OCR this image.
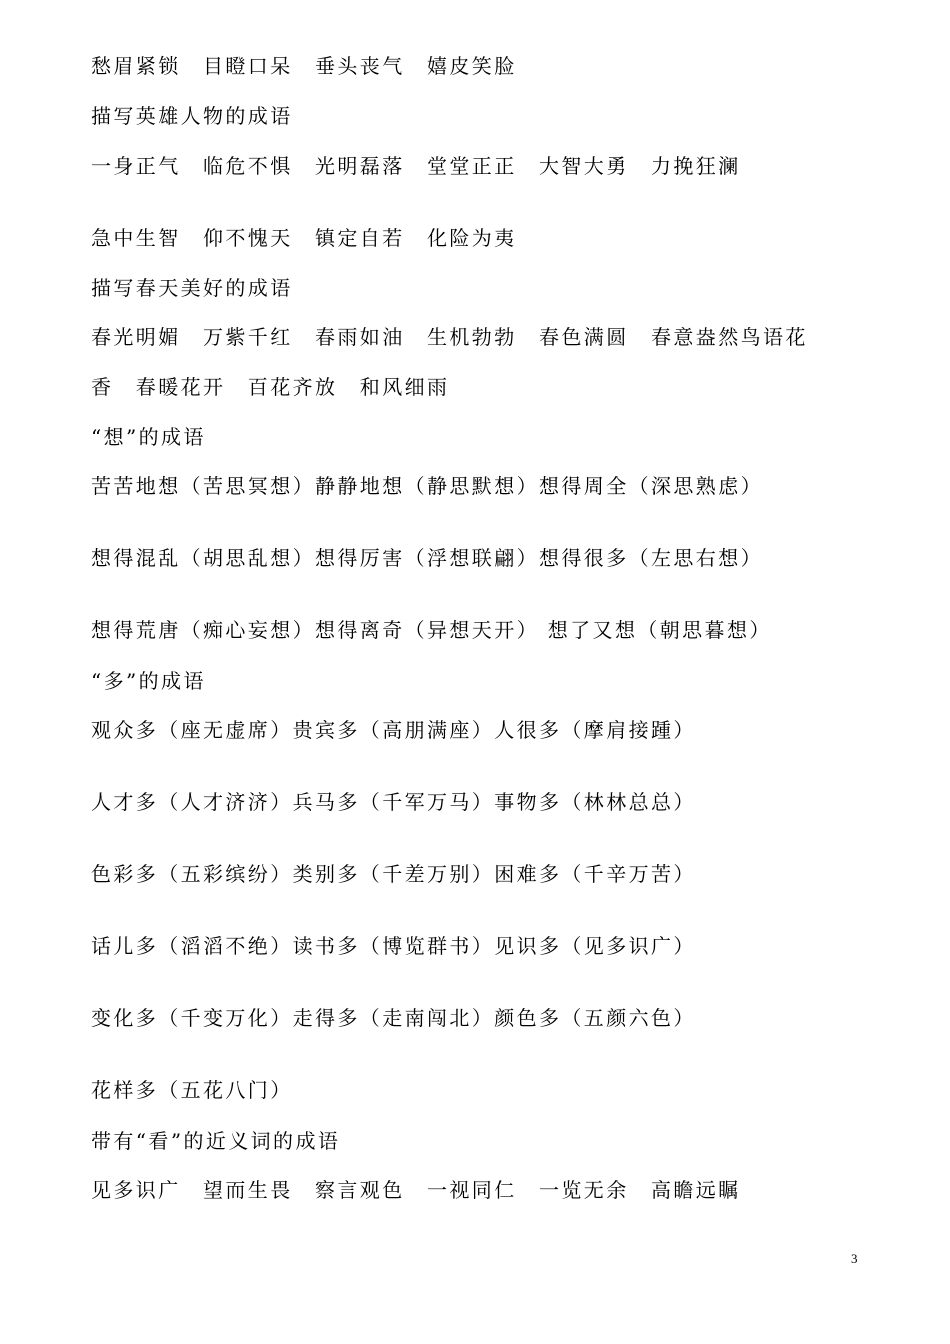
愁眉紧锁　目瞪口呆　垂头丧气　嬉皮笑脸
描写英雄人物的成语
一身正气　临危不惧　光明磊落　堂堂正正　大智大勇　力挽狂澜
急中生智　仰不愧天　镇定自若　化险为夷
描写春天美好的成语
春光明媚　万紫千红　春雨如油　生机勃勃　春色满圆　春意盎然鸟语花
香　春暖花开　百花齐放　和风细雨
“想”的成语
苦苦地想（苦思冥想）静静地想（静思默想）想得周全（深思熟虑）
想得混乱（胡思乱想）想得厉害（浮想联翩）想得很多（左思右想）
想得荒唐（痴心妄想）想得离奇（异想天开） 想了又想（朝思暮想）
“多”的成语
观众多（座无虚席）贵宾多（高朋满座）人很多（摩肩接踵）
人才多（人才济济）兵马多（千军万马）事物多（林林总总）
色彩多（五彩缤纷）类别多（千差万别）困难多（千辛万苦）
话儿多（滔滔不绝）读书多（博览群书）见识多（见多识广）
变化多（千变万化）走得多（走南闯北）颜色多（五颜六色）
花样多（五花八门）
带有“看”的近义词的成语
见多识广　望而生畏　察言观色　一视同仁　一览无余　高瞻远瞩
3
